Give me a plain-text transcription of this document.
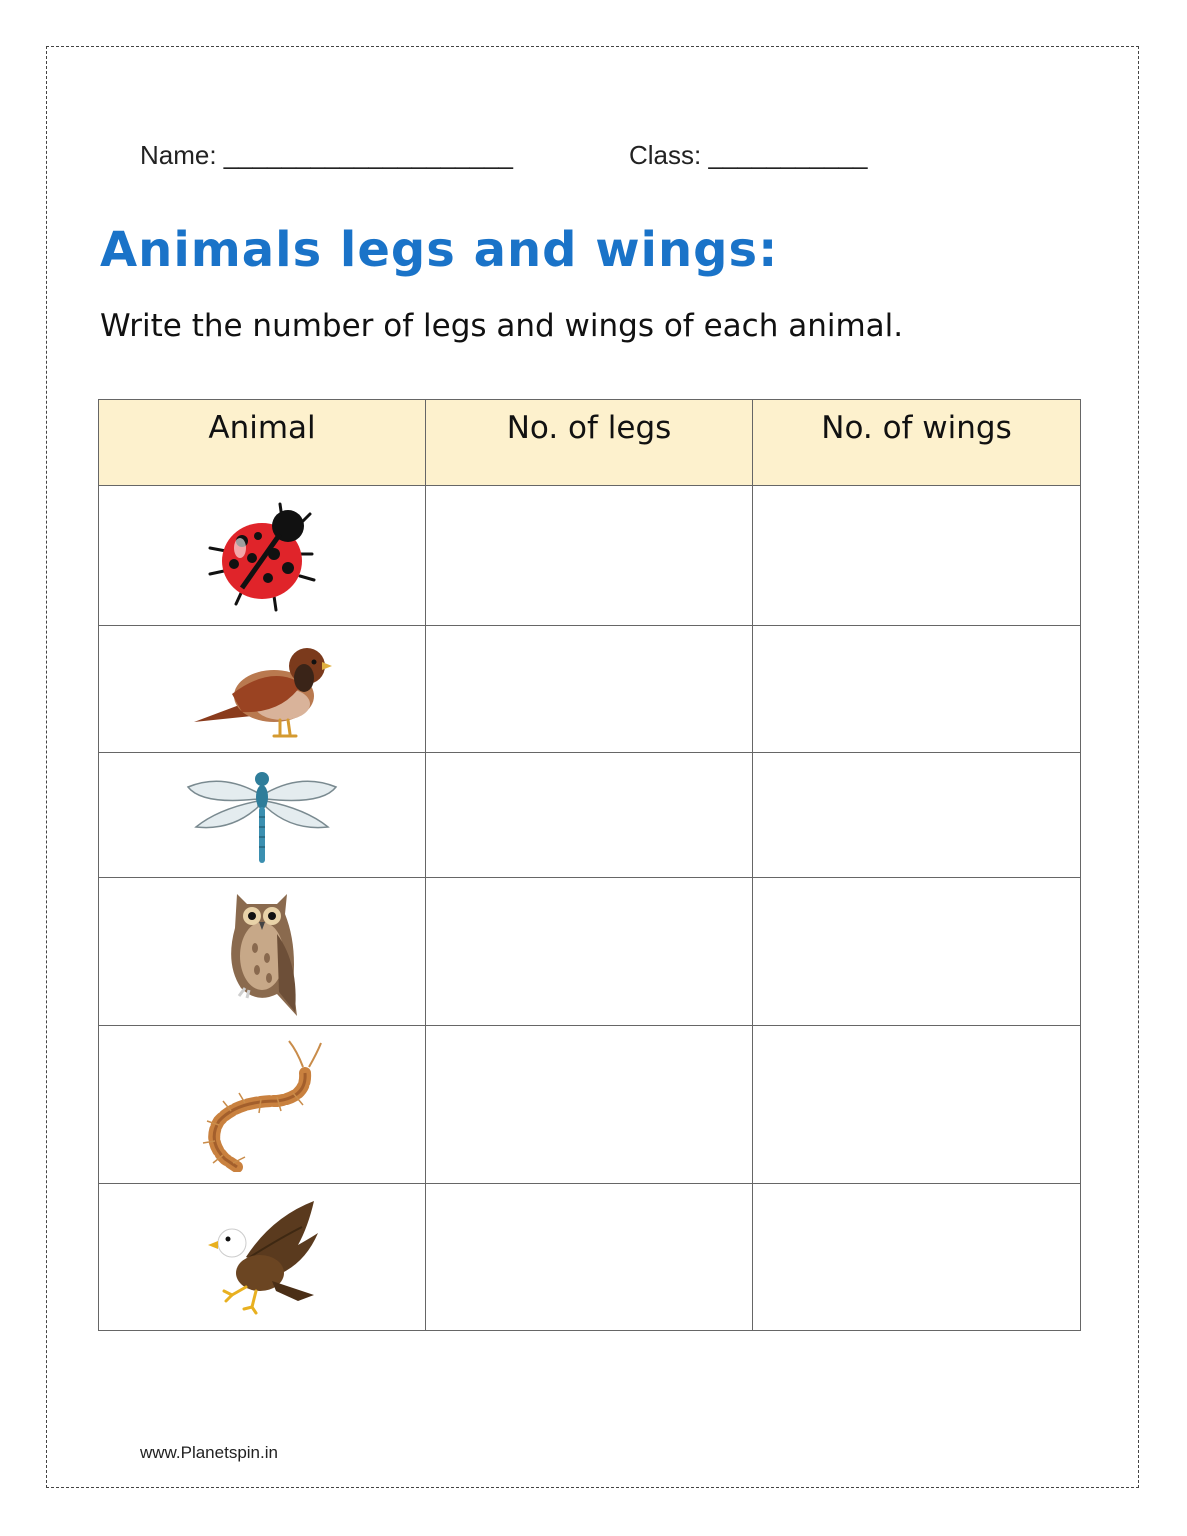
Name: ____________________	Class: ___________
Animals legs and wings:

Write the number of legs and wings of each animal.

Animal	No. of legs	No. of wings

www.Planetspin.in
